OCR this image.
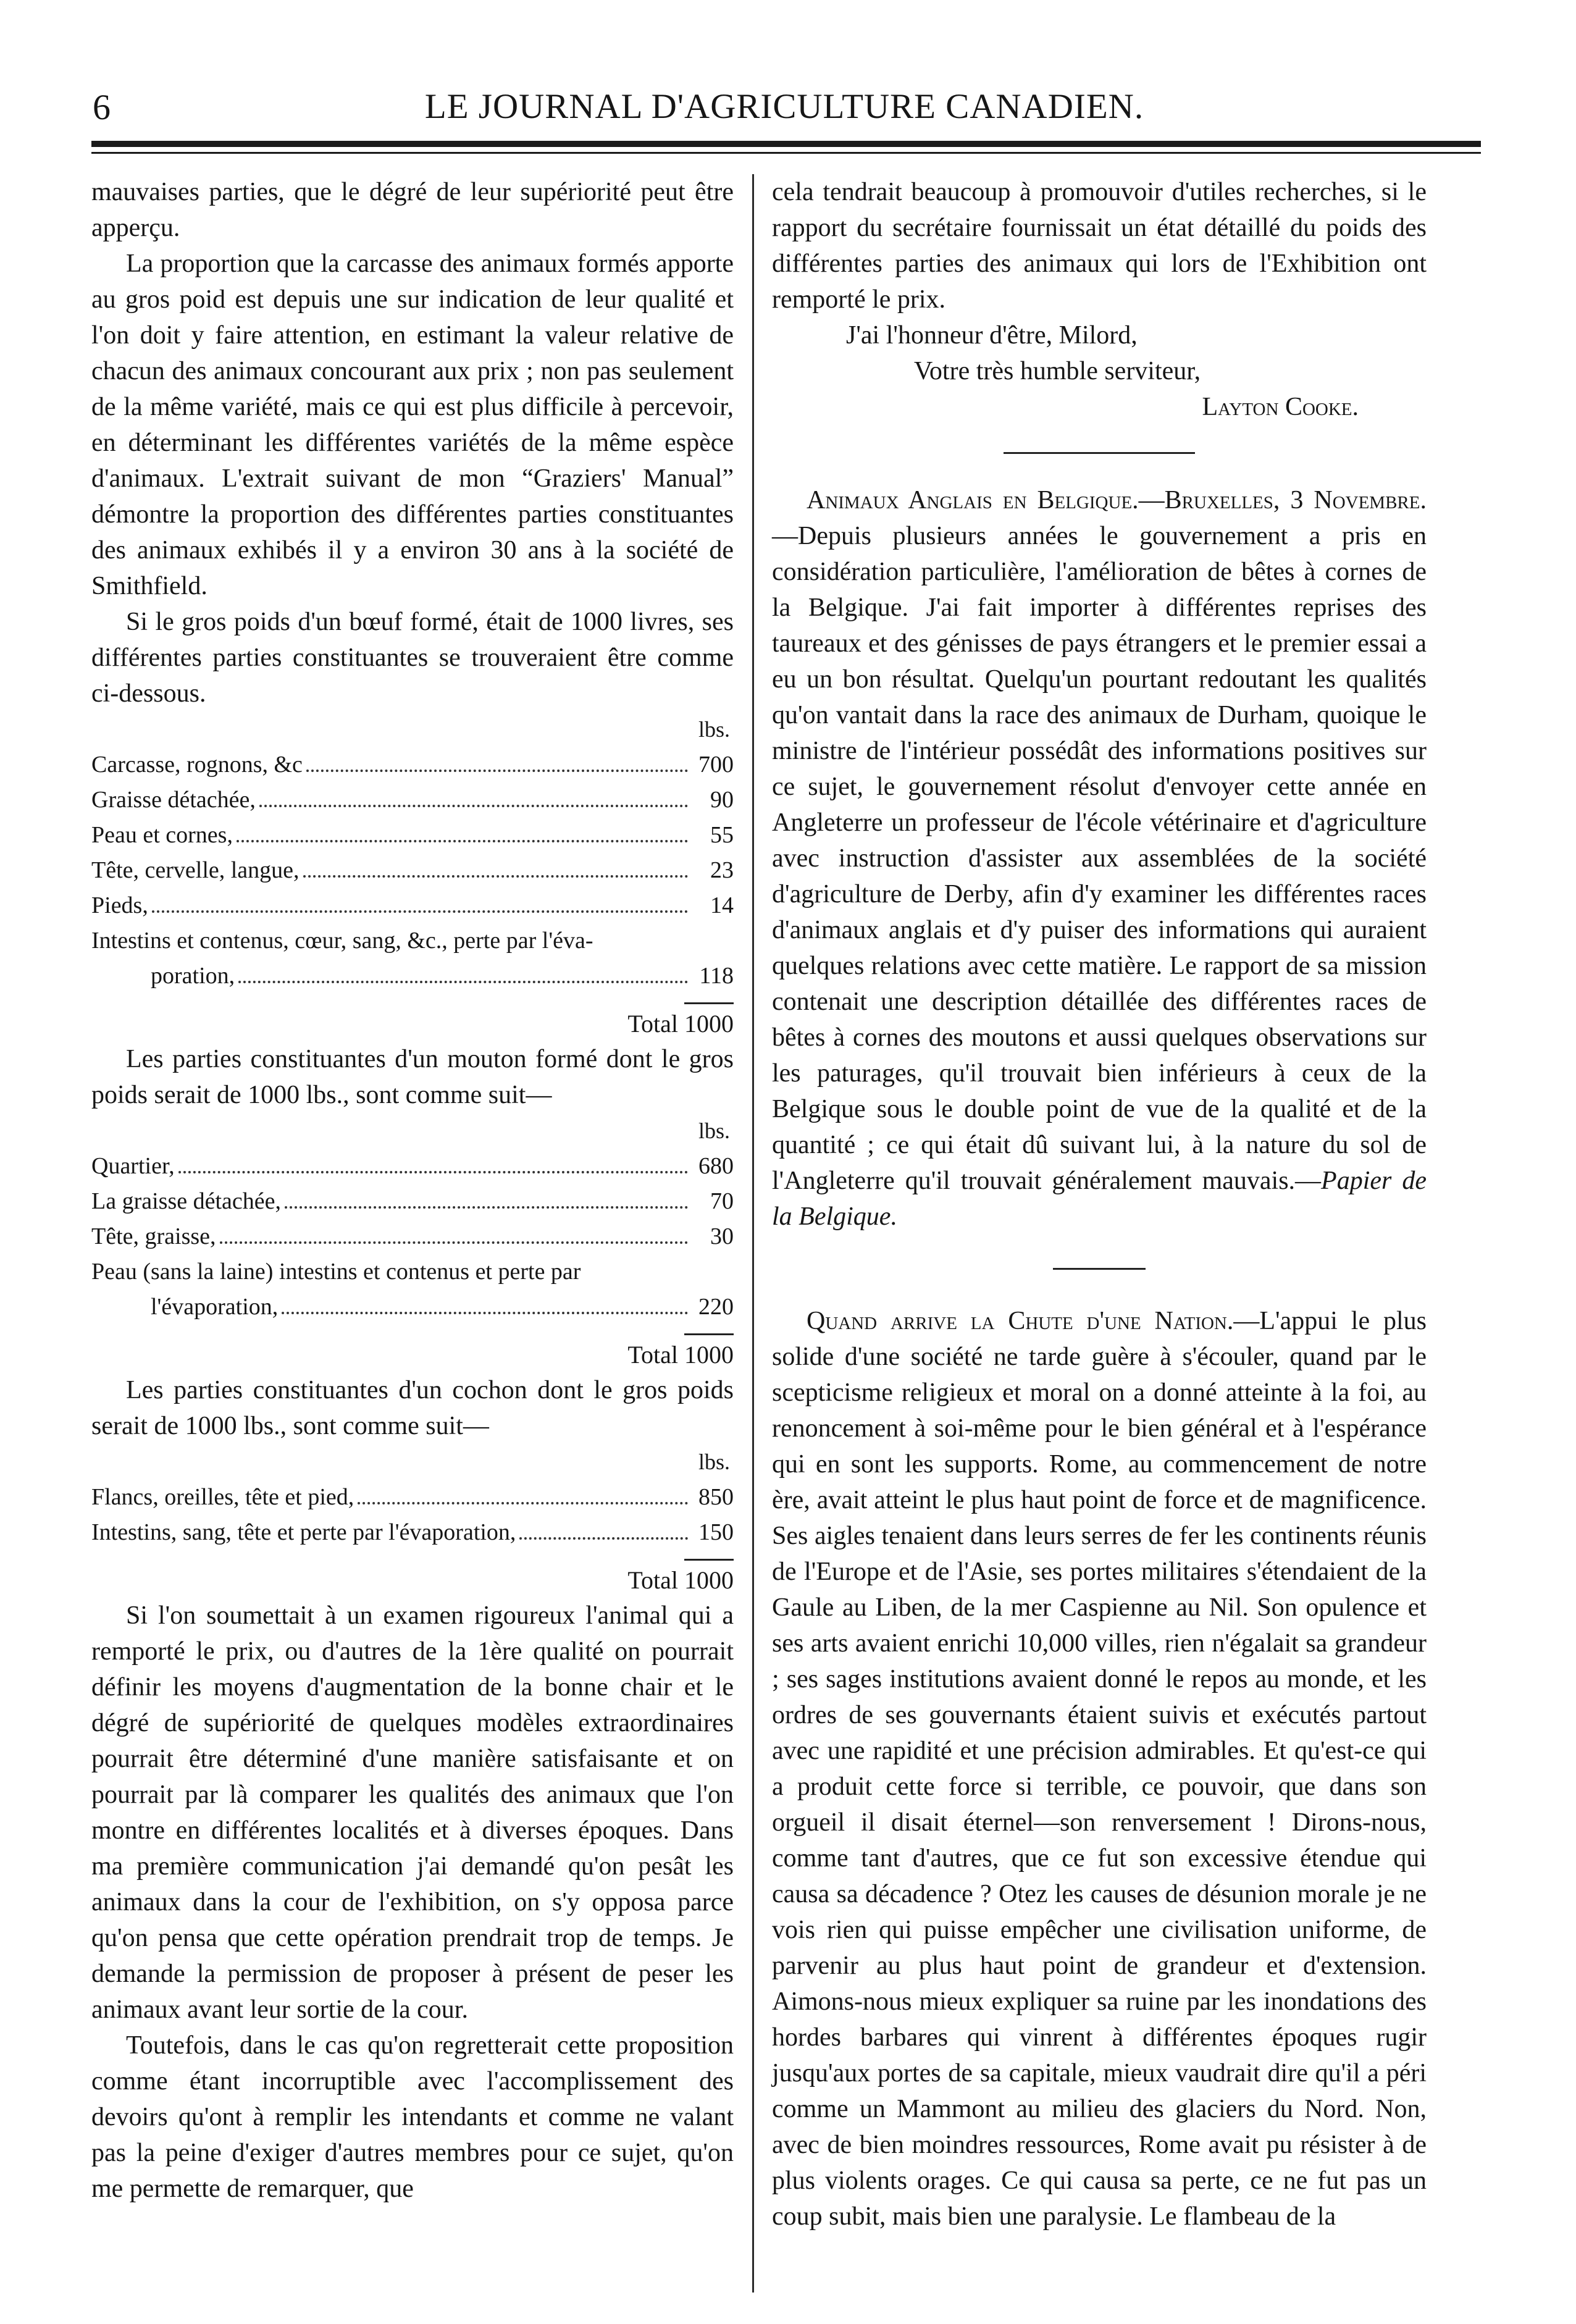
6	LE JOURNAL D'AGRICULTURE CANADIEN.

mauvaises parties, que le dégré de leur supériorité peut être apperçu.

La proportion que la carcasse des animaux formés apporte au gros poid est depuis une sur indication de leur qualité et l'on doit y faire attention, en estimant la valeur relative de chacun des animaux concourant aux prix ; non pas seulement de la même variété, mais ce qui est plus difficile à percevoir, en déterminant les différentes variétés de la même espèce d'animaux. L'extrait suivant de mon “Graziers' Manual” démontre la proportion des différentes parties constituantes des animaux exhibés il y a environ 30 ans à la société de Smithfield.

Si le gros poids d'un bœuf formé, était de 1000 livres, ses différentes parties constituantes se trouveraient être comme ci-dessous.

lbs.
Carcasse, rognons, &c	700
Graisse détachée,	90
Peau et cornes,	55
Tête, cervelle, langue,	23
Pieds,	14
Intestins et contenus, cœur, sang, &c., perte par l'éva-
poration,	118
Total 1000

Les parties constituantes d'un mouton formé dont le gros poids serait de 1000 lbs., sont comme suit—

lbs.
Quartier,	680
La graisse détachée,	70
Tête, graisse,	30
Peau (sans la laine) intestins et contenus et perte par
l'évaporation,	220
Total 1000

Les parties constituantes d'un cochon dont le gros poids serait de 1000 lbs., sont comme suit—

lbs.
Flancs, oreilles, tête et pied,	850
Intestins, sang, tête et perte par l'évaporation,	150
Total 1000

Si l'on soumettait à un examen rigoureux l'animal qui a remporté le prix, ou d'autres de la 1ère qualité on pourrait définir les moyens d'augmentation de la bonne chair et le dégré de supériorité de quelques modèles extraordinaires pourrait être déterminé d'une manière satisfaisante et on pourrait par là comparer les qualités des animaux que l'on montre en différentes localités et à diverses époques. Dans ma première communication j'ai demandé qu'on pesât les animaux dans la cour de l'exhibition, on s'y opposa parce qu'on pensa que cette opération prendrait trop de temps. Je demande la permission de proposer à présent de peser les animaux avant leur sortie de la cour.

Toutefois, dans le cas qu'on regretterait cette proposition comme étant incorruptible avec l'accomplissement des devoirs qu'ont à remplir les intendants et comme ne valant pas la peine d'exiger d'autres membres pour ce sujet, qu'on me permette de remarquer, que

cela tendrait beaucoup à promouvoir d'utiles recherches, si le rapport du secrétaire fournissait un état détaillé du poids des différentes parties des animaux qui lors de l'Exhibition ont remporté le prix.

J'ai l'honneur d'être, Milord,

Votre très humble serviteur,

Layton Cooke.

Animaux Anglais en Belgique.—Bruxelles, 3 Novembre.—Depuis plusieurs années le gouvernement a pris en considération particulière, l'amélioration de bêtes à cornes de la Belgique. J'ai fait importer à différentes reprises des taureaux et des génisses de pays étrangers et le premier essai a eu un bon résultat. Quelqu'un pourtant redoutant les qualités qu'on vantait dans la race des animaux de Durham, quoique le ministre de l'intérieur possédât des informations positives sur ce sujet, le gouvernement résolut d'envoyer cette année en Angleterre un professeur de l'école vétérinaire et d'agriculture avec instruction d'assister aux assemblées de la société d'agriculture de Derby, afin d'y examiner les différentes races d'animaux anglais et d'y puiser des informations qui auraient quelques relations avec cette matière. Le rapport de sa mission contenait une description détaillée des différentes races de bêtes à cornes des moutons et aussi quelques observations sur les paturages, qu'il trouvait bien inférieurs à ceux de la Belgique sous le double point de vue de la qualité et de la quantité ; ce qui était dû suivant lui, à la nature du sol de l'Angleterre qu'il trouvait généralement mauvais.—Papier de la Belgique.

Quand arrive la Chute d'une Nation.—L'appui le plus solide d'une société ne tarde guère à s'écouler, quand par le scepticisme religieux et moral on a donné atteinte à la foi, au renoncement à soi-même pour le bien général et à l'espérance qui en sont les supports. Rome, au commencement de notre ère, avait atteint le plus haut point de force et de magnificence. Ses aigles tenaient dans leurs serres de fer les continents réunis de l'Europe et de l'Asie, ses portes militaires s'étendaient de la Gaule au Liben, de la mer Caspienne au Nil. Son opulence et ses arts avaient enrichi 10,000 villes, rien n'égalait sa grandeur ; ses sages institutions avaient donné le repos au monde, et les ordres de ses gouvernants étaient suivis et exécutés partout avec une rapidité et une précision admirables. Et qu'est-ce qui a produit cette force si terrible, ce pouvoir, que dans son orgueil il disait éternel—son renversement ! Dirons-nous, comme tant d'autres, que ce fut son excessive étendue qui causa sa décadence ? Otez les causes de désunion morale je ne vois rien qui puisse empêcher une civilisation uniforme, de parvenir au plus haut point de grandeur et d'extension. Aimons-nous mieux expliquer sa ruine par les inondations des hordes barbares qui vinrent à différentes époques rugir jusqu'aux portes de sa capitale, mieux vaudrait dire qu'il a péri comme un Mammont au milieu des glaciers du Nord. Non, avec de bien moindres ressources, Rome avait pu résister à de plus violents orages. Ce qui causa sa perte, ce ne fut pas un coup subit, mais bien une paralysie. Le flambeau de la
